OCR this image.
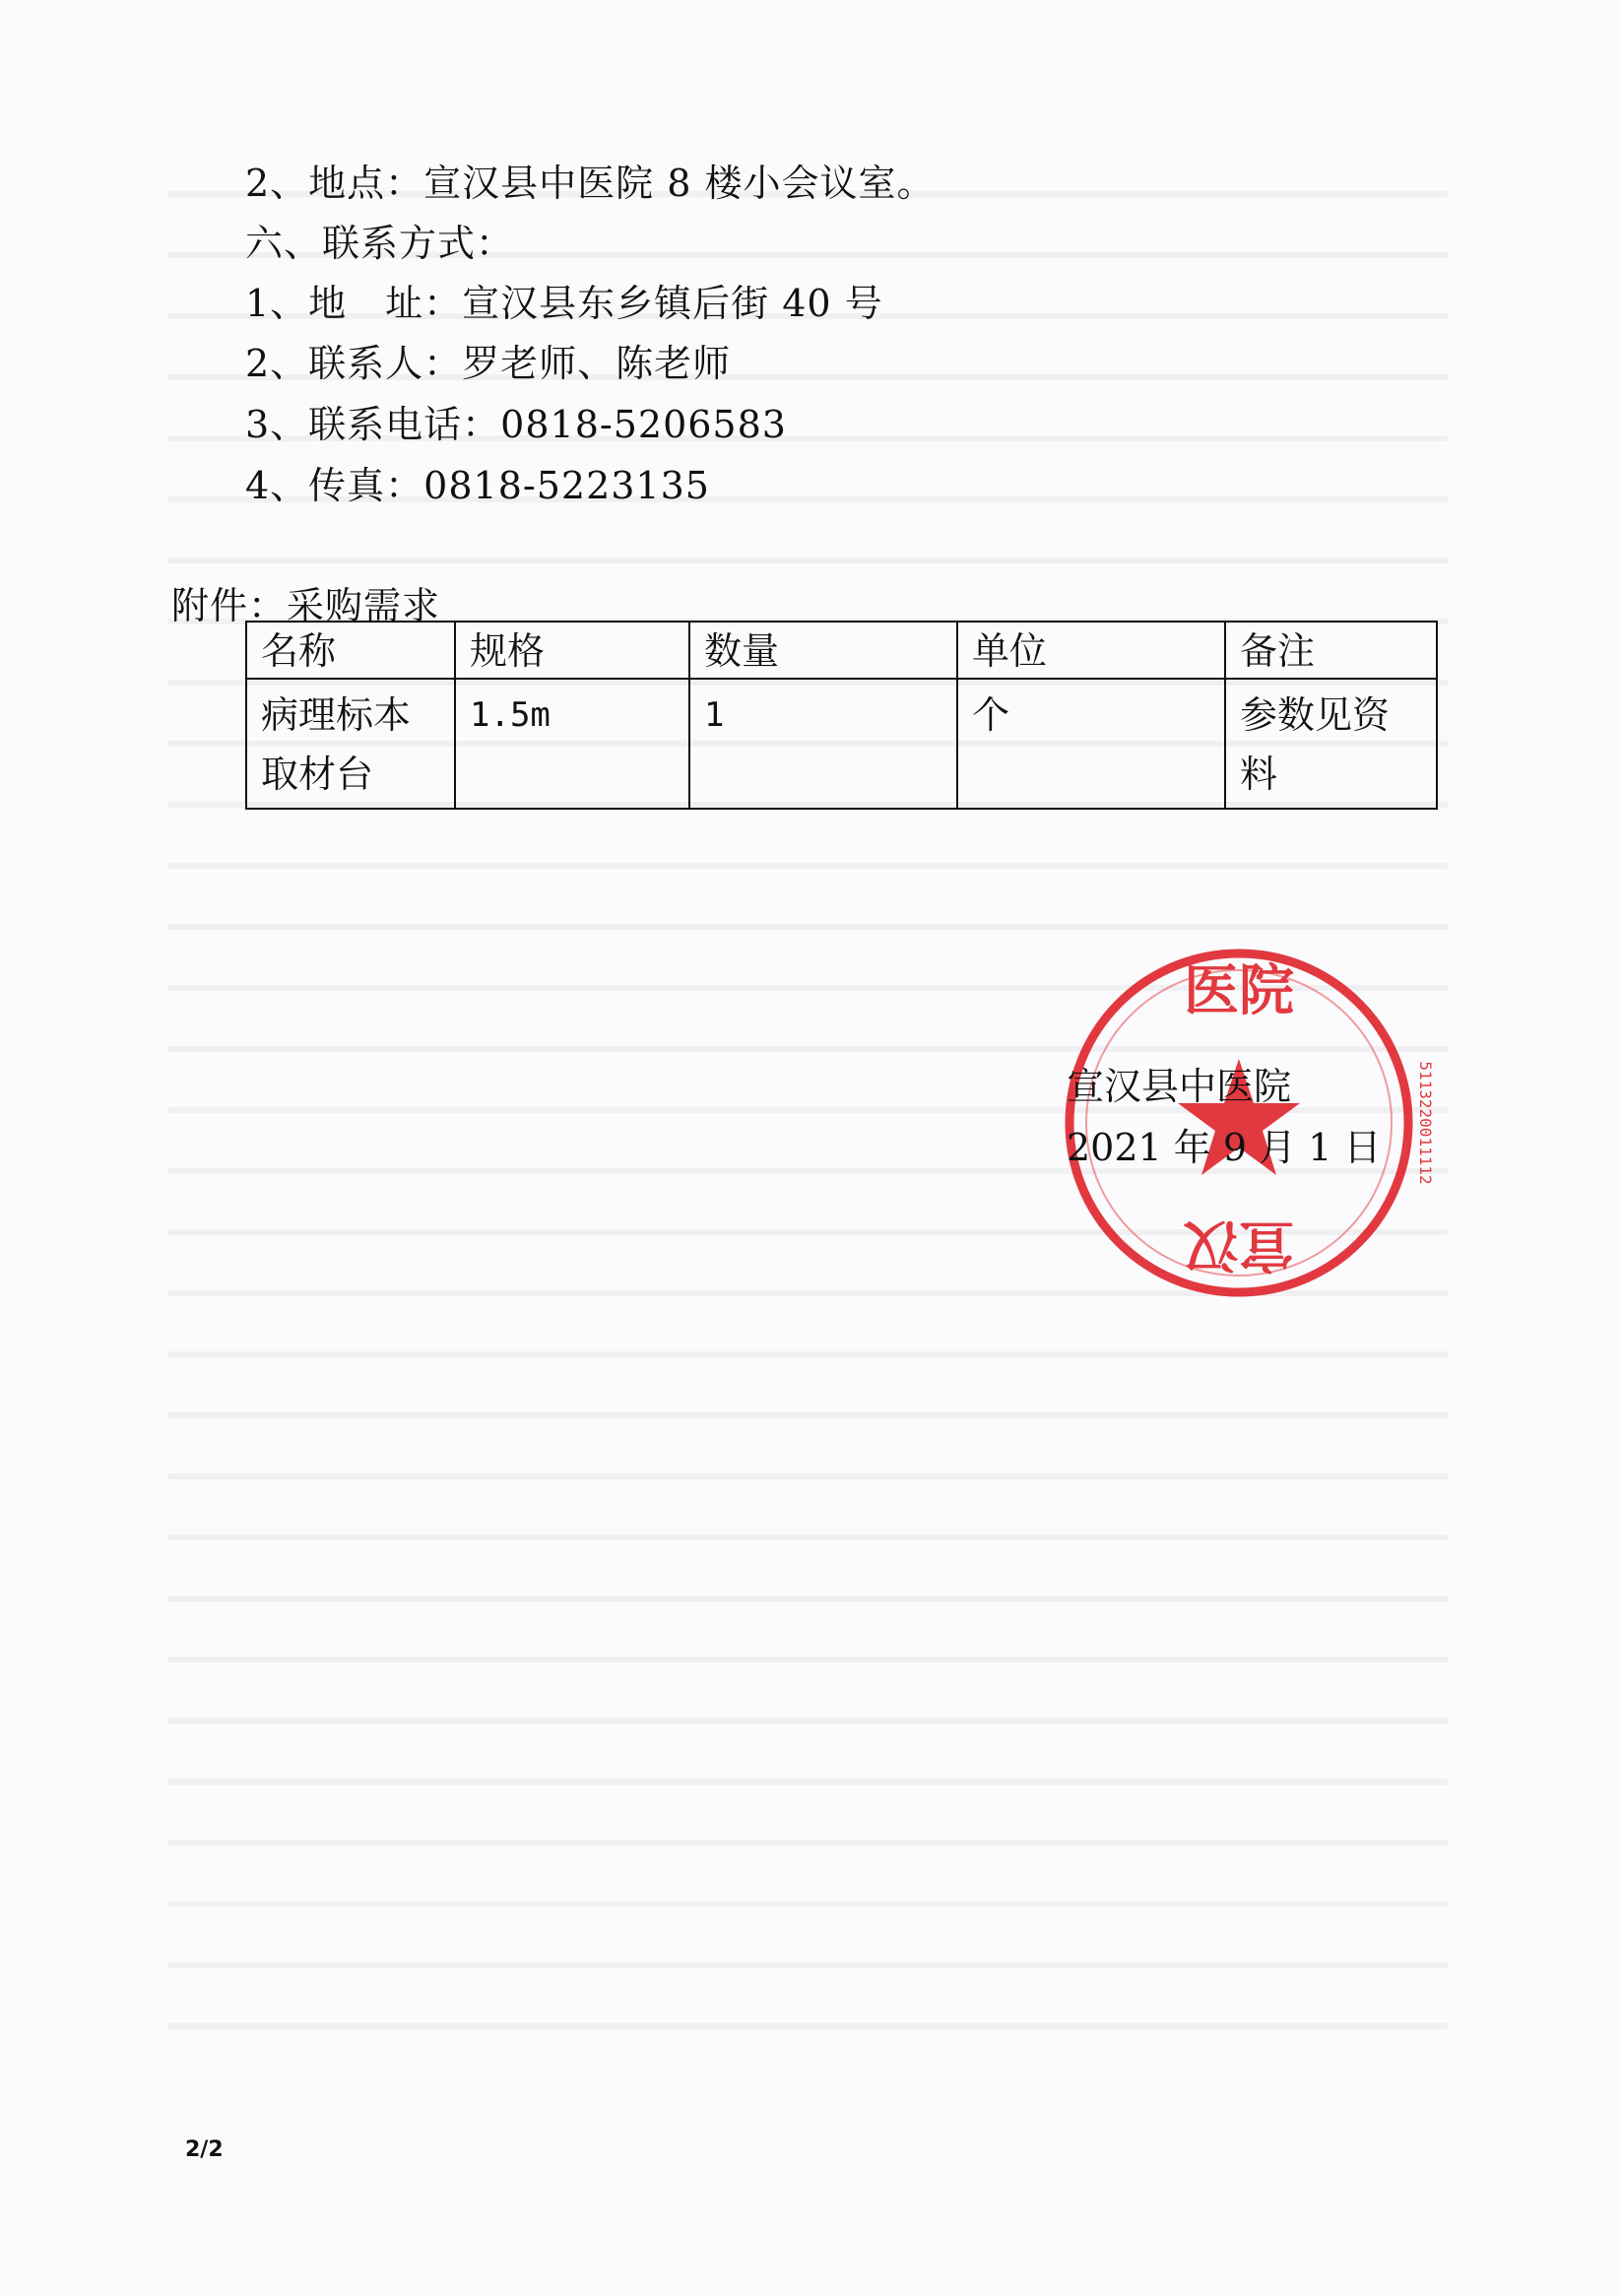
2、地点：宣汉县中医院 8 楼小会议室。
六、联系方式：
1、地　址：宣汉县东乡镇后街 40 号
2、联系人：罗老师、陈老师
3、联系电话：0818-5206583
4、传真：0818-5223135
附件：采购需求
名称	规格	数量	单位	备注
病理标本取材台	1.5m	1	个	参数见资料
医院
宣汉
5113220011112
宣汉县中医院
2021 年 9 月 1 日
2/2
